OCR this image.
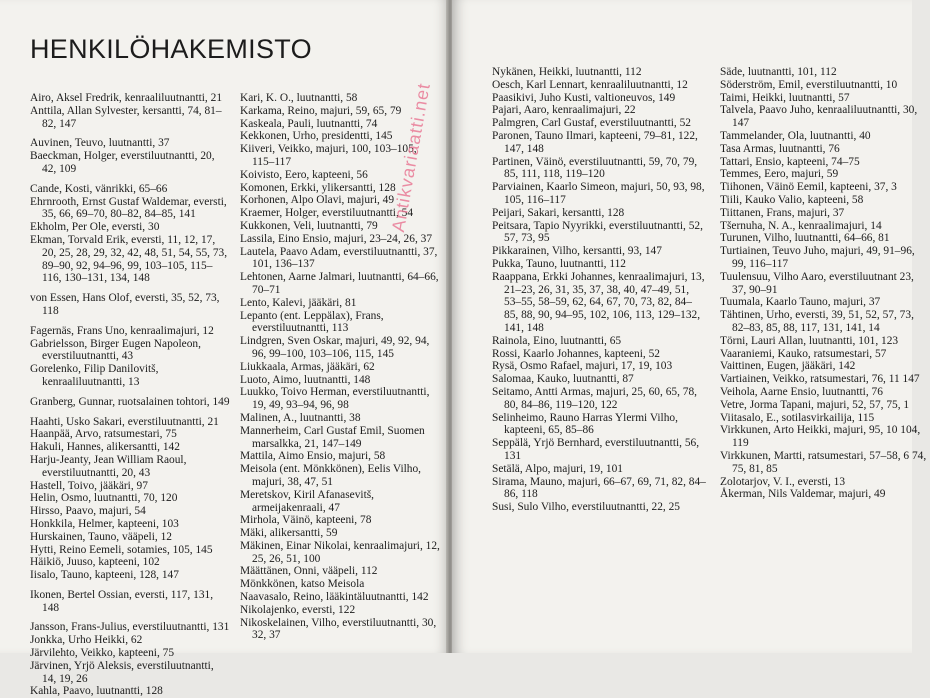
HENKILÖHAKEMISTO
Airo, Aksel Fredrik, kenraaliluutnantti, 21
Anttila, Allan Sylvester, kersantti, 74, 81–82, 147
Auvinen, Teuvo, luutnantti, 37
Baeckman, Holger, everstiluutnantti, 20, 42, 109
Cande, Kosti, vänrikki, 65–66
Ehrnrooth, Ernst Gustaf Waldemar, eversti, 35, 66, 69–70, 80–82, 84–85, 141
Ekholm, Per Ole, eversti, 30
Ekman, Torvald Erik, eversti, 11, 12, 17, 20, 25, 28, 29, 32, 42, 48, 51, 54, 55, 73, 89–90, 92, 94–96, 99, 103–105, 115–116, 130–131, 134, 148
von Essen, Hans Olof, eversti, 35, 52, 73, 118
Fagernäs, Frans Uno, kenraalimajuri, 12
Gabrielsson, Birger Eugen Napoleon, everstiluutnantti, 43
Gorelenko, Filip Danilovitš, kenraaliluutnantti, 13
Granberg, Gunnar, ruotsalainen tohtori, 149
Haahti, Usko Sakari, everstiluutnantti, 21
Haanpää, Arvo, ratsumestari, 75
Hakuli, Hannes, alikersantti, 142
Harju-Jeanty, Jean William Raoul, everstiluutnantti, 20, 43
Hastell, Toivo, jääkäri, 97
Helin, Osmo, luutnantti, 70, 120
Hirsso, Paavo, majuri, 54
Honkkila, Helmer, kapteeni, 103
Hurskainen, Tauno, vääpeli, 12
Hytti, Reino Eemeli, sotamies, 105, 145
Häikiö, Juuso, kapteeni, 102
Iisalo, Tauno, kapteeni, 128, 147
Ikonen, Bertel Ossian, eversti, 117, 131, 148
Jansson, Frans-Julius, everstiluutnantti, 131
Jonkka, Urho Heikki, 62
Järvilehto, Veikko, kapteeni, 75
Järvinen, Yrjö Aleksis, everstiluutnantti, 14, 19, 26
Kahla, Paavo, luutnantti, 128
Kari, K. O., luutnantti, 58
Karkama, Reino, majuri, 59, 65, 79
Kaskeala, Pauli, luutnantti, 74
Kekkonen, Urho, presidentti, 145
Kiiveri, Veikko, majuri, 100, 103–105, 115–117
Koivisto, Eero, kapteeni, 56
Komonen, Erkki, ylikersantti, 128
Korhonen, Alpo Olavi, majuri, 49
Kraemer, Holger, everstiluutnantti, 54
Kukkonen, Veli, luutnantti, 79
Lassila, Eino Ensio, majuri, 23–24, 26, 37
Lautela, Paavo Adam, everstiluutnantti, 37, 101, 136–137
Lehtonen, Aarne Jalmari, luutnantti, 64–66, 70–71
Lento, Kalevi, jääkäri, 81
Lepanto (ent. Leppälax), Frans, everstiluutnantti, 113
Lindgren, Sven Oskar, majuri, 49, 92, 94, 96, 99–100, 103–106, 115, 145
Liukkaala, Armas, jääkäri, 62
Luoto, Aimo, luutnantti, 148
Luukko, Toivo Herman, everstiluutnantti, 19, 49, 93–94, 96, 98
Malinen, A., luutnantti, 38
Mannerheim, Carl Gustaf Emil, Suomen marsalkka, 21, 147–149
Mattila, Aimo Ensio, majuri, 58
Meisola (ent. Mönkkönen), Eelis Vilho, majuri, 38, 47, 51
Meretskov, Kiril Afanasevitš, armeijakenraali, 47
Mirhola, Väinö, kapteeni, 78
Mäki, alikersantti, 59
Mäkinen, Einar Nikolai, kenraalimajuri, 12, 25, 26, 51, 100
Määttänen, Onni, vääpeli, 112
Mönkkönen, katso Meisola
Naavasalo, Reino, lääkintäluutnantti, 142
Nikolajenko, eversti, 122
Nikoskelainen, Vilho, everstiluutnantti, 30, 32, 37
Antikvariaatti.net
Nykänen, Heikki, luutnantti, 112
Oesch, Karl Lennart, kenraaliluutnantti, 12
Paasikivi, Juho Kusti, valtioneuvos, 149
Pajari, Aaro, kenraalimajuri, 22
Palmgren, Carl Gustaf, everstiluutnantti, 52
Paronen, Tauno Ilmari, kapteeni, 79–81, 122, 147, 148
Partinen, Väinö, everstiluutnantti, 59, 70, 79, 85, 111, 118, 119–120
Parviainen, Kaarlo Simeon, majuri, 50, 93, 98, 105, 116–117
Peijari, Sakari, kersantti, 128
Peitsara, Tapio Nyyrikki, everstiluutnantti, 52, 57, 73, 95
Pikkarainen, Vilho, kersantti, 93, 147
Pukka, Tauno, luutnantti, 112
Raappana, Erkki Johannes, kenraalimajuri, 13, 21–23, 26, 31, 35, 37, 38, 40, 47–49, 51, 53–55, 58–59, 62, 64, 67, 70, 73, 82, 84–85, 88, 90, 94–95, 102, 106, 113, 129–132, 141, 148
Rainola, Eino, luutnantti, 65
Rossi, Kaarlo Johannes, kapteeni, 52
Rysä, Osmo Rafael, majuri, 17, 19, 103
Salomaa, Kauko, luutnantti, 87
Seitamo, Antti Armas, majuri, 25, 60, 65, 78, 80, 84–86, 119–120, 122
Selinheimo, Rauno Harras Ylermi Vilho, kapteeni, 65, 85–86
Seppälä, Yrjö Bernhard, everstiluutnantti, 56, 131
Setälä, Alpo, majuri, 19, 101
Sirama, Mauno, majuri, 66–67, 69, 71, 82, 84–86, 118
Susi, Sulo Vilho, everstiluutnantti, 22, 25
Säde, luutnantti, 101, 112
Söderström, Emil, everstiluutnantti, 10
Taimi, Heikki, luutnantti, 57
Talvela, Paavo Juho, kenraaliluutnantti, 30, 147
Tammelander, Ola, luutnantti, 40
Tasa Armas, luutnantti, 76
Tattari, Ensio, kapteeni, 74–75
Temmes, Eero, majuri, 59
Tiihonen, Väinö Eemil, kapteeni, 37, 3
Tiili, Kauko Valio, kapteeni, 58
Tiittanen, Frans, majuri, 37
Tšernuha, N. A., kenraalimajuri, 14
Turunen, Vilho, luutnantti, 64–66, 81
Turtiainen, Teuvo Juho, majuri, 49, 91–96, 99, 116–117
Tuulensuu, Vilho Aaro, everstiluutnant 23, 37, 90–91
Tuumalа, Kaarlo Tauno, majuri, 37
Tähtinen, Urho, eversti, 39, 51, 52, 57, 73, 82–83, 85, 88, 117, 131, 141, 14
Törni, Lauri Allan, luutnantti, 101, 123
Vaaraniemi, Kauko, ratsumestari, 57
Vaittinen, Eugen, jääkäri, 142
Vartiainen, Veikko, ratsumestari, 76, 11 147
Veihola, Aarne Ensio, luutnantti, 76
Vetre, Jorma Tapani, majuri, 52, 57, 75, 1
Viitasalo, E., sotilasvirkailija, 115
Virkkunen, Arto Heikki, majuri, 95, 10 104, 119
Virkkunen, Martti, ratsumestari, 57–58, 6 74, 75, 81, 85
Zolotarjov, V. I., eversti, 13
Åkerman, Nils Valdemar, majuri, 49
